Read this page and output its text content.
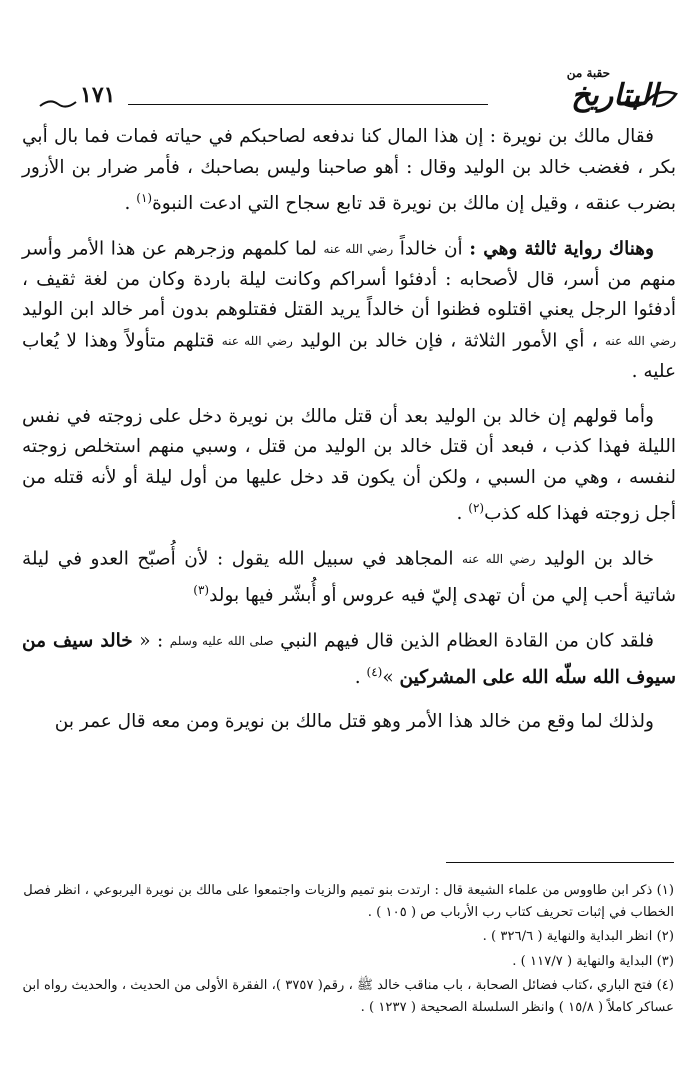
١٧١
حقبة من
البتاريخ

فقال مالك بن نويرة : إن هذا المال كنا ندفعه لصاحبكم في حياته فمات فما بال أبي بكر ، فغضب خالد بن الوليد وقال : أهو صاحبنا وليس بصاحبك ، فأمر ضرار بن الأزور بضرب عنقه ، وقيل إن مالك بن نويرة قد تابع سجاح التي ادعت النبوة$^{(١)}$ .

وهناك رواية ثالثة وهي : أن خالداً رضي الله عنه لما كلمهم وزجرهم عن هذا الأمر وأسر منهم من أسر، قال لأصحابه : أدفئوا أسراكم وكانت ليلة باردة وكان من لغة ثقيف ، أدفئوا الرجل يعني اقتلوه فظنوا أن خالداً يريد القتل فقتلوهم بدون أمر خالد ابن الوليد رضي الله عنه ، أي الأمور الثلاثة ، فإن خالد بن الوليد رضي الله عنه قتلهم متأولاً وهذا لا يُعاب عليه .

وأما قولهم إن خالد بن الوليد بعد أن قتل مالك بن نويرة دخل على زوجته في نفس الليلة فهذا كذب ، فبعد أن قتل خالد بن الوليد من قتل ، وسبي منهم استخلص زوجته لنفسه ، وهي من السبي ، ولكن أن يكون قد دخل عليها من أول ليلة أو لأنه قتله من أجل زوجته فهذا كله كذب$^{(٢)}$ .

خالد بن الوليد رضي الله عنه المجاهد في سبيل الله يقول : لأن أُصبّح العدو في ليلة شاتية أحب إلي من أن تهدى إليّ فيه عروس أو أُبشّر فيها بولد$^{(٣)}$

فلقد كان من القادة العظام الذين قال فيهم النبي صلى الله عليه وسلم : « خالد سيف من سيوف الله سلّه الله على المشركين »$^{(٤)}$ .

ولذلك لما وقع من خالد هذا الأمر وهو قتل مالك بن نويرة ومن معه قال عمر بن

(١) ذكر ابن طاووس من علماء الشيعة قال : ارتدت بنو تميم والزيات واجتمعوا على مالك بن نويرة اليربوعي ، انظر فصل الخطاب في إثبات تحريف كتاب رب الأرباب ص ( ١٠٥ ) .

(٢) انظر البداية والنهاية ( ٣٢٦/٦ ) .

(٣) البداية والنهاية ( ١١٧/٧ ) .

(٤) فتح الباري ،كتاب فضائل الصحابة ، باب مناقب خالد ﷺ ، رقم( ٣٧٥٧ )، الفقرة الأولى من الحديث ، والحديث رواه ابن عساكر كاملاً ( ١٥/٨ ) وانظر السلسلة الصحيحة ( ١٢٣٧ ) .
